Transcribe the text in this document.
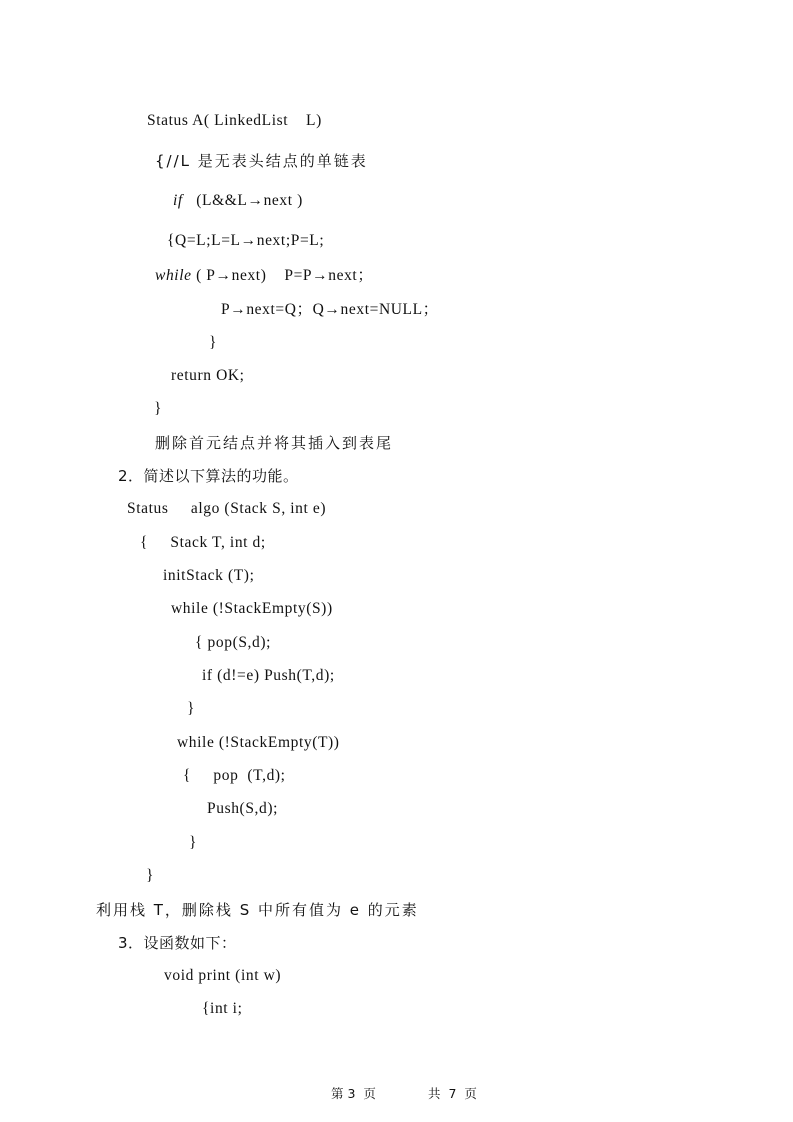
Status A( LinkedList    L)
{//L 是无表头结点的单链表
if   (L&&L→next )
{Q=L;L=L→next;P=L;
while ( P→next)    P=P→next；
P→next=Q；Q→next=NULL；
}
return OK;
}
删除首元结点并将其插入到表尾
2．简述以下算法的功能。
Status     algo (Stack S, int e)
{     Stack T, int d;
initStack (T);
while (!StackEmpty(S))
{ pop(S,d);
if (d!=e) Push(T,d);
}
while (!StackEmpty(T))
{     pop  (T,d);
Push(S,d);
}
}
利用栈 T，删除栈 S 中所有值为 e 的元素
3．设函数如下：
void print (int w)
{int i;
第 3  页	共  7  页
